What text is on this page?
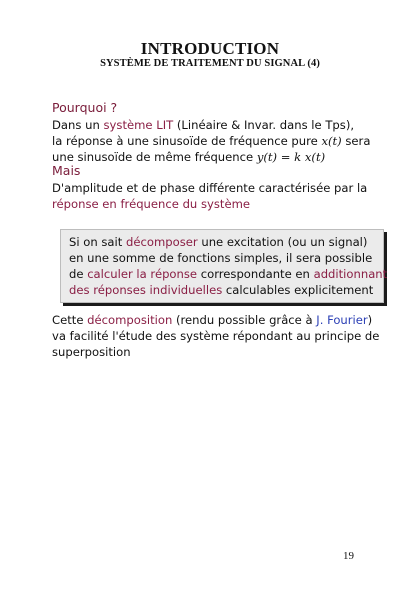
INTRODUCTION
SYSTÈME DE TRAITEMENT DU SIGNAL (4)
Pourquoi ?
Dans un système LIT (Linéaire & Invar. dans le Tps),
la réponse à une sinusoïde de fréquence pure x(t) sera
une sinusoïde de même fréquence y(t) = k x(t)
Mais
D'amplitude et de phase différente caractérisée par la
réponse en fréquence du système
Si on sait décomposer une excitation (ou un signal)
en une somme de fonctions simples, il sera possible
de calculer la réponse correspondante en additionnant
des réponses individuelles calculables explicitement
Cette décomposition (rendu possible grâce à J. Fourier)
va facilité l'étude des système répondant au principe de
superposition
19
